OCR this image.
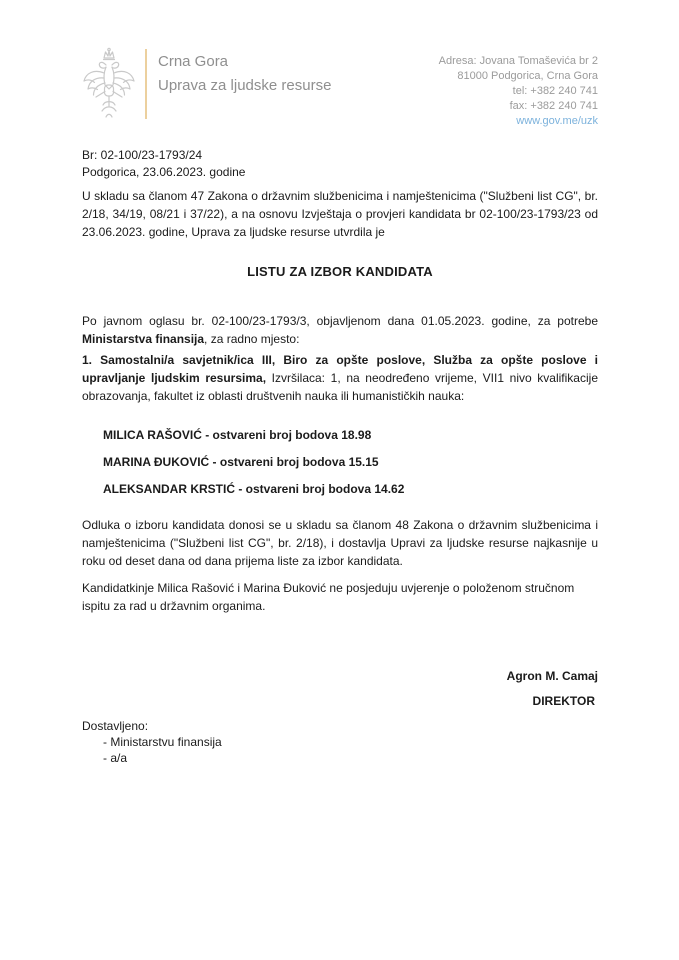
Crna Gora
Uprava za ljudske resurse
Adresa: Jovana Tomaševića br 2
81000 Podgorica, Crna Gora
tel: +382 240 741
fax: +382 240 741
www.gov.me/uzk
Br: 02-100/23-1793/24
Podgorica, 23.06.2023. godine

U skladu sa članom 47 Zakona o državnim službenicima i namještenicima ("Službeni list CG", br. 2/18, 34/19, 08/21 i 37/22), a na osnovu Izvještaja o provjeri kandidata br 02-100/23-1793/23 od 23.06.2023. godine, Uprava za ljudske resurse utvrdila je

LISTU ZA IZBOR KANDIDATA

Po javnom oglasu br. 02-100/23-1793/3, objavljenom dana 01.05.2023. godine, za potrebe Ministarstva finansija, za radno mjesto:

1. Samostalni/a savjetnik/ica III, Biro za opšte poslove, Služba za opšte poslove i upravljanje ljudskim resursima, Izvršilaca: 1, na neodređeno vrijeme, VII1 nivo kvalifikacije obrazovanja, fakultet iz oblasti društvenih nauka ili humanističkih nauka:

MILICA RAŠOVIĆ - ostvareni broj bodova 18.98
MARINA ĐUKOVIĆ - ostvareni broj bodova 15.15
ALEKSANDAR KRSTIĆ - ostvareni broj bodova 14.62

Odluka o izboru kandidata donosi se u skladu sa članom 48 Zakona o državnim službenicima i namještenicima ("Službeni list CG", br. 2/18), i dostavlja Upravi za ljudske resurse najkasnije u roku od deset dana od dana prijema liste za izbor kandidata.

Kandidatkinje Milica Rašović i Marina Đuković ne posjeduju uvjerenje o položenom stručnom ispitu za rad u državnim organima.

Agron M. Camaj
DIREKTOR
Dostavljeno:
- Ministarstvu finansija
- a/a
